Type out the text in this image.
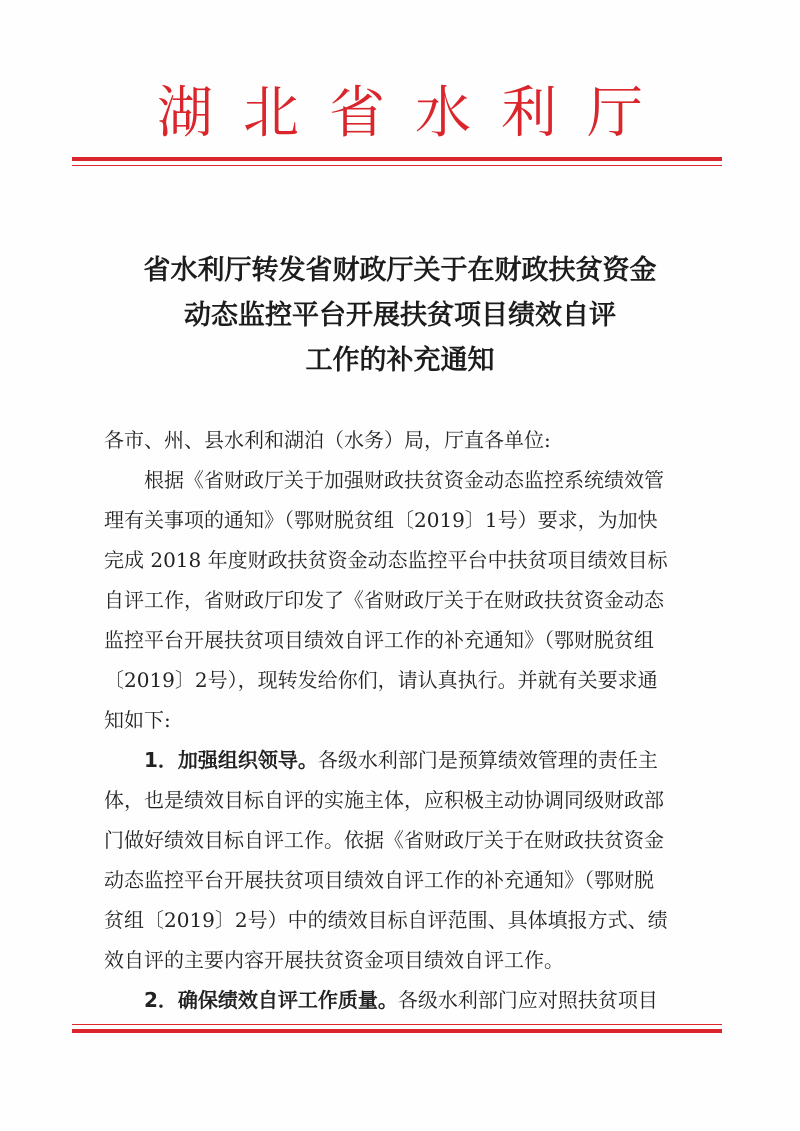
湖北省水利厅
省水利厅转发省财政厅关于在财政扶贫资金
动态监控平台开展扶贫项目绩效自评
工作的补充通知
各市、州、县水利和湖泊（水务）局，厅直各单位:
根据《省财政厅关于加强财政扶贫资金动态监控系统绩效管
理有关事项的通知》（鄂财脱贫组〔2019〕1号）要求，为加快
完成 2018 年度财政扶贫资金动态监控平台中扶贫项目绩效目标
自评工作，省财政厅印发了《省财政厅关于在财政扶贫资金动态
监控平台开展扶贫项目绩效自评工作的补充通知》（鄂财脱贫组
〔2019〕2号），现转发给你们，请认真执行。并就有关要求通
知如下:
1．加强组织领导。各级水利部门是预算绩效管理的责任主
体，也是绩效目标自评的实施主体，应积极主动协调同级财政部
门做好绩效目标自评工作。依据《省财政厅关于在财政扶贫资金
动态监控平台开展扶贫项目绩效自评工作的补充通知》（鄂财脱
贫组〔2019〕2号）中的绩效目标自评范围、具体填报方式、绩
效自评的主要内容开展扶贫资金项目绩效自评工作。
2．确保绩效自评工作质量。各级水利部门应对照扶贫项目
